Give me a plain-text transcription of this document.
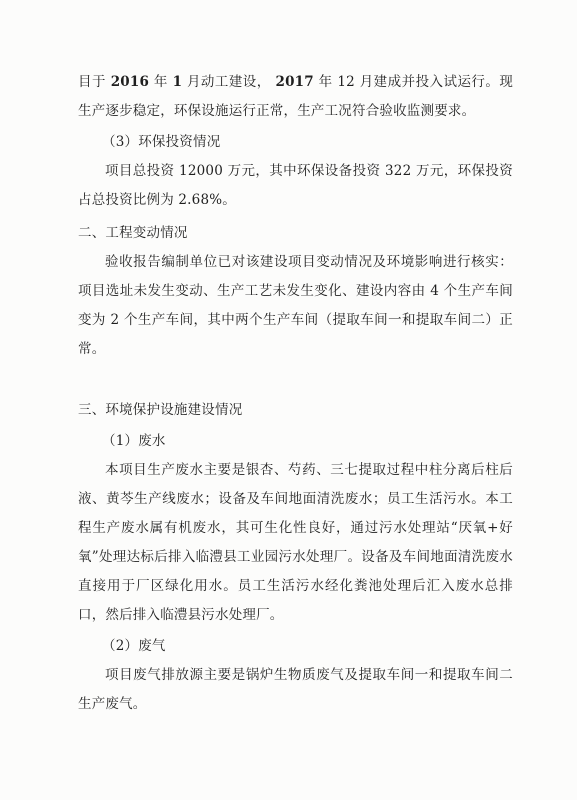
目于 2016 年 1 月动工建设， 2017 年 12 月建成并投入试运行。现生产逐步稳定，环保设施运行正常，生产工况符合验收监测要求。

（3）环保投资情况

项目总投资 12000 万元，其中环保设备投资 322 万元，环保投资占总投资比例为 2.68%。

二、工程变动情况

验收报告编制单位已对该建设项目变动情况及环境影响进行核实：项目选址未发生变动、生产工艺未发生变化、建设内容由 4 个生产车间变为 2 个生产车间，其中两个生产车间（提取车间一和提取车间二）正常。

三、环境保护设施建设情况

（1）废水

本项目生产废水主要是银杏、芍药、三七提取过程中柱分离后柱后液、黄芩生产线废水；设备及车间地面清洗废水；员工生活污水。本工程生产废水属有机废水，其可生化性良好，通过污水处理站“厌氧+好氧”处理达标后排入临澧县工业园污水处理厂。设备及车间地面清洗废水直接用于厂区绿化用水。员工生活污水经化粪池处理后汇入废水总排口，然后排入临澧县污水处理厂。

（2）废气

项目废气排放源主要是锅炉生物质废气及提取车间一和提取车间二生产废气。
